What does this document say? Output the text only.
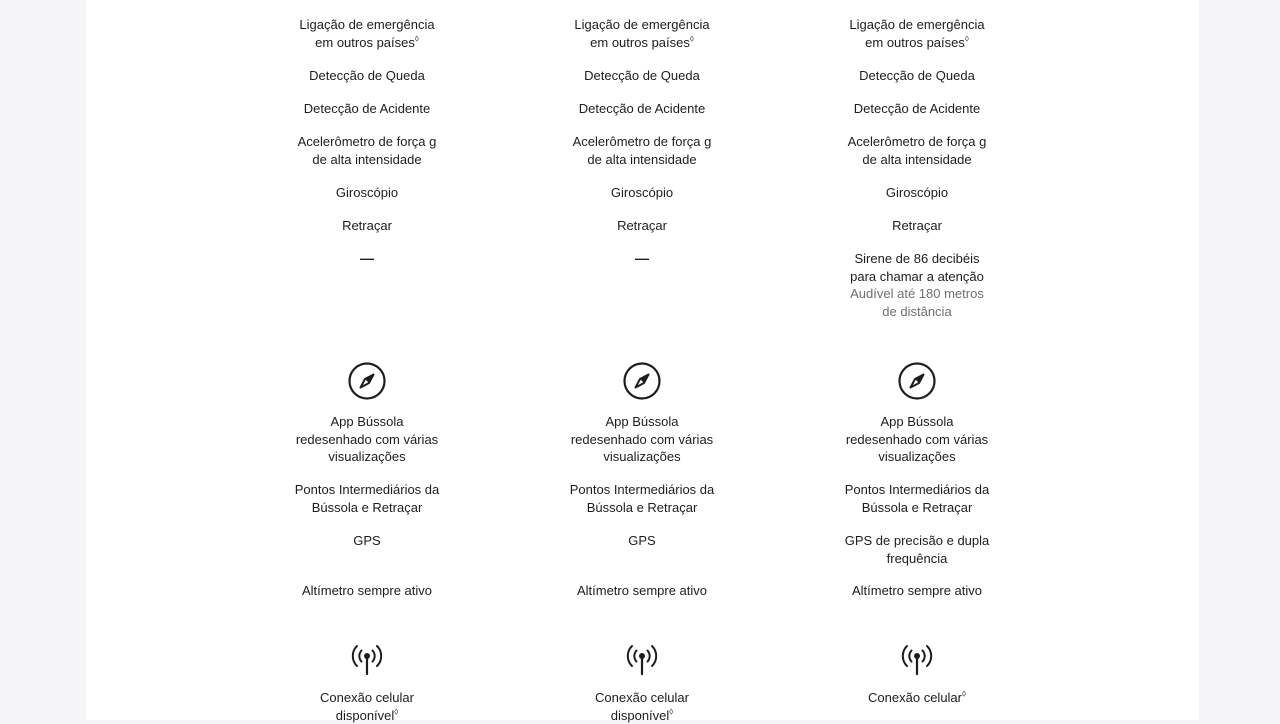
Ligação de emergência
em outros países◊
Detecção de Queda
Detecção de Acidente
Acelerômetro de força g
de alta intensidade
Giroscópio
Retraçar
—
App Bússola
redesenhado com várias
visualizações
Pontos Intermediários da
Bússola e Retraçar
GPS
Altímetro sempre ativo
Conexão celular
disponível◊
Ligação de emergência
em outros países◊
Detecção de Queda
Detecção de Acidente
Acelerômetro de força g
de alta intensidade
Giroscópio
Retraçar
—
App Bússola
redesenhado com várias
visualizações
Pontos Intermediários da
Bússola e Retraçar
GPS
Altímetro sempre ativo
Conexão celular
disponível◊
Ligação de emergência
em outros países◊
Detecção de Queda
Detecção de Acidente
Acelerômetro de força g
de alta intensidade
Giroscópio
Retraçar
Sirene de 86 decibéis
para chamar a atenção
Audível até 180 metros
de distância
App Bússola
redesenhado com várias
visualizações
Pontos Intermediários da
Bússola e Retraçar
GPS de precisão e dupla
frequência
Altímetro sempre ativo
Conexão celular◊
